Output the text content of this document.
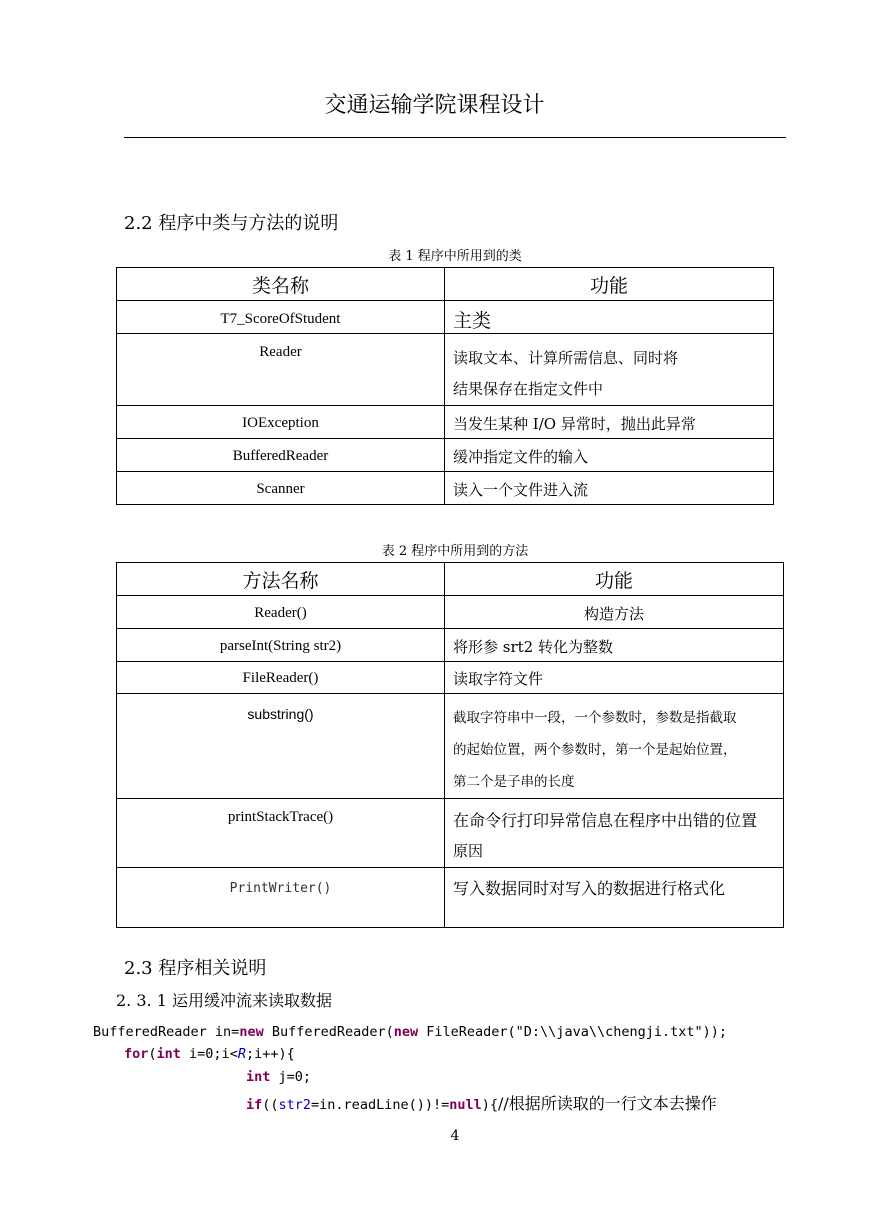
交通运输学院课程设计
2.2 程序中类与方法的说明
表 1 程序中所用到的类
类名称	功能
T7_ScoreOfStudent	主类
Reader	读取文本、计算所需信息、同时将
结果保存在指定文件中

IOException	当发生某种 I/O 异常时，抛出此异常
BufferedReader	缓冲指定文件的输入
Scanner	读入一个文件进入流
表 2 程序中所用到的方法
方法名称	功能
Reader()	构造方法
parseInt(String str2)	将形参 srt2 转化为整数
FileReader()	读取字符文件
substring()	截取字符串中一段，一个参数时，参数是指截取
的起始位置，两个参数时，第一个是起始位置，
第二个是子串的长度

printStackTrace()	在命令行打印异常信息在程序中出错的位置
原因

PrintWriter()	写入数据同时对写入的数据进行格式化
2.3 程序相关说明
2. 3. 1 运用缓冲流来读取数据
BufferedReader in=new BufferedReader(new FileReader("D:\\java\\chengji.txt"));
for(int i=0;i<R;i++){
int j=0;
if((str2=in.readLine())!=null){//根据所读取的一行文本去操作
4
